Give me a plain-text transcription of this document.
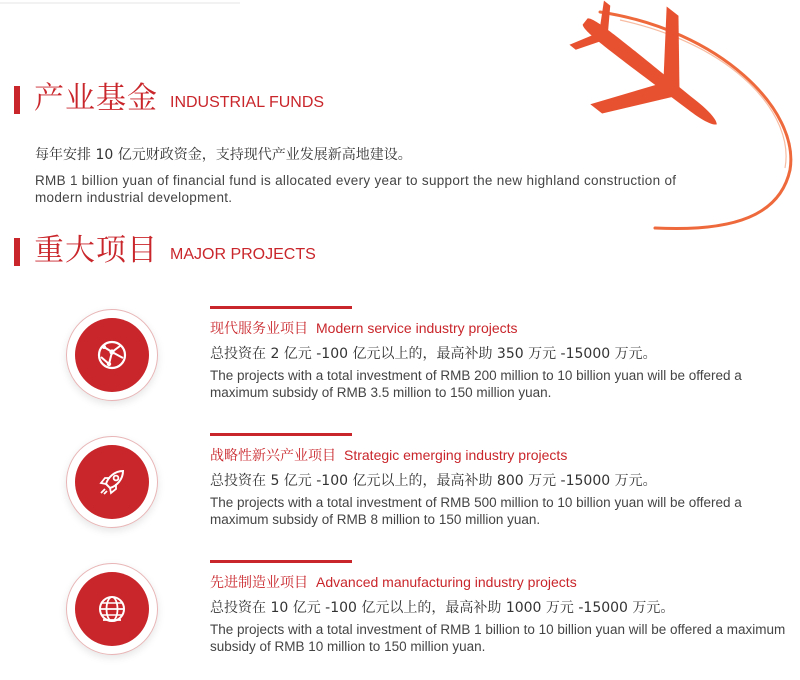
产业基金 INDUSTRIAL FUNDS
每年安排 10 亿元财政资金，支持现代产业发展新高地建设。
RMB 1 billion yuan of financial fund is allocated every year to support the new highland construction of modern industrial development.
重大项目 MAJOR PROJECTS
现代服务业项目 Modern service industry projects
总投资在 2 亿元 -100 亿元以上的，最高补助 350 万元 -15000 万元。
The projects with a total investment of RMB 200 million to 10 billion yuan will be offered a maximum subsidy of RMB 3.5 million to 150 million yuan.
战略性新兴产业项目 Strategic emerging industry projects
总投资在 5 亿元 -100 亿元以上的，最高补助 800 万元 -15000 万元。
The projects with a total investment of RMB 500 million to 10 billion yuan will be offered a maximum subsidy of RMB 8 million to 150 million yuan.
先进制造业项目 Advanced manufacturing industry projects
总投资在 10 亿元 -100 亿元以上的，最高补助 1000 万元 -15000 万元。
The projects with a total investment of RMB 1 billion to 10 billion yuan will be offered a maximum subsidy of RMB 10 million to 150 million yuan.
